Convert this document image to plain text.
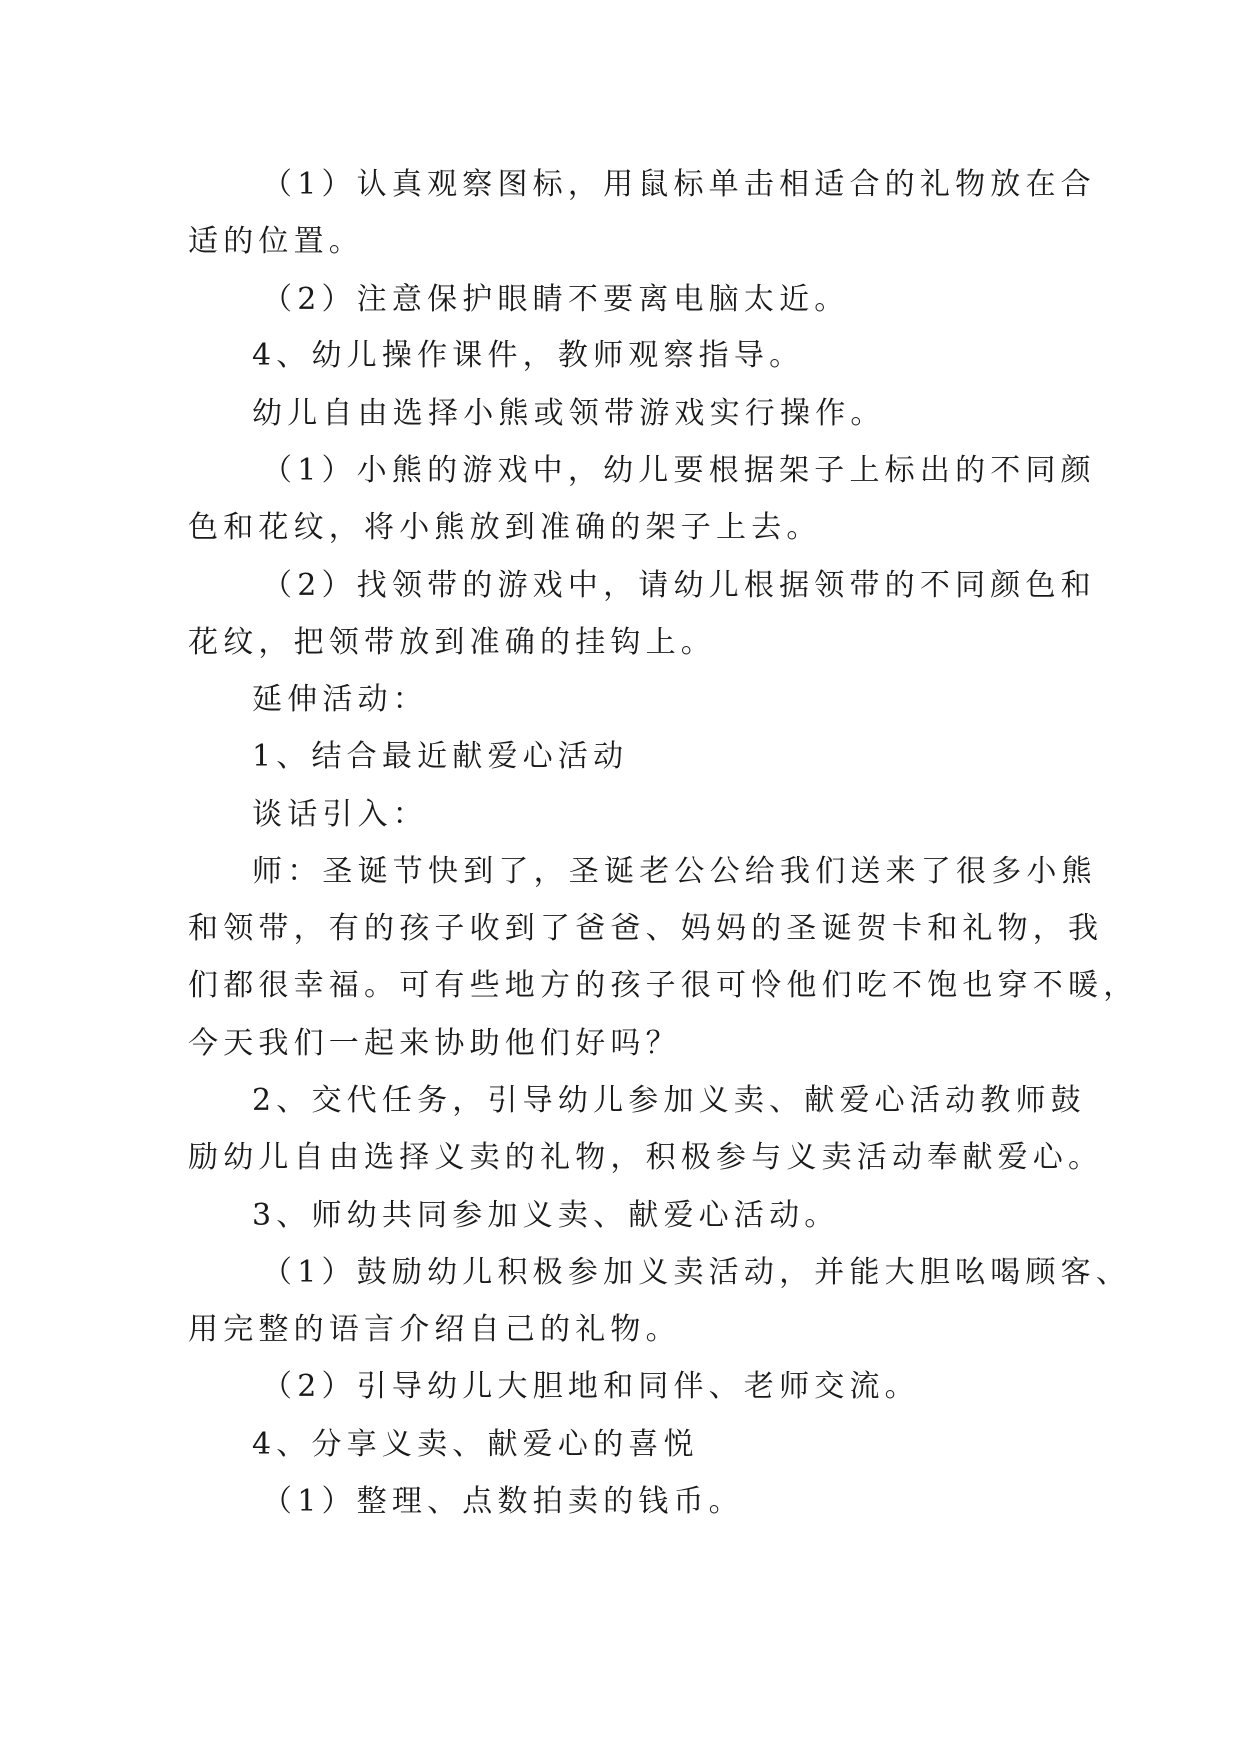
（1）认真观察图标，用鼠标单击相适合的礼物放在合
适的位置。
（2）注意保护眼睛不要离电脑太近。
4、幼儿操作课件，教师观察指导。
幼儿自由选择小熊或领带游戏实行操作。
（1）小熊的游戏中，幼儿要根据架子上标出的不同颜
色和花纹，将小熊放到准确的架子上去。
（2）找领带的游戏中，请幼儿根据领带的不同颜色和
花纹，把领带放到准确的挂钩上。
延伸活动：
1、结合最近献爱心活动
谈话引入：
师：圣诞节快到了，圣诞老公公给我们送来了很多小熊
和领带，有的孩子收到了爸爸、妈妈的圣诞贺卡和礼物，我
们都很幸福。可有些地方的孩子很可怜他们吃不饱也穿不暖，
今天我们一起来协助他们好吗？
2、交代任务，引导幼儿参加义卖、献爱心活动教师鼓
励幼儿自由选择义卖的礼物，积极参与义卖活动奉献爱心。
3、师幼共同参加义卖、献爱心活动。
（1）鼓励幼儿积极参加义卖活动，并能大胆吆喝顾客、
用完整的语言介绍自己的礼物。
（2）引导幼儿大胆地和同伴、老师交流。
4、分享义卖、献爱心的喜悦
（1）整理、点数拍卖的钱币。
